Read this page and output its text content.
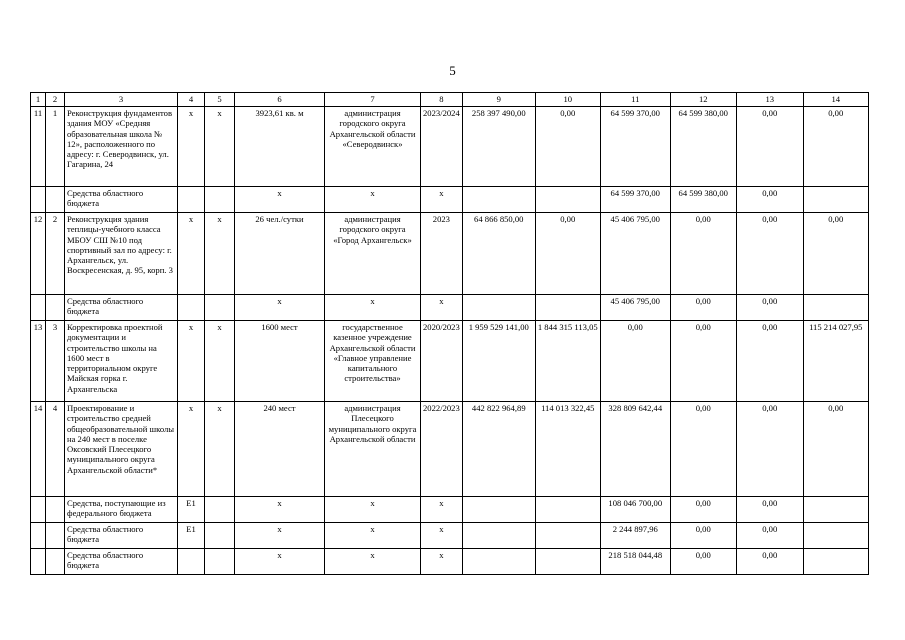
5
1	2	3	4	5	6	7	8	9	10	11	12	13	14
11	1	Реконструкция фундаментов здания МОУ «Средняя образовательная школа № 12», расположенного по адресу: г. Северодвинск, ул. Гагарина, 24	х	х	3923,61 кв. м	администрация городского округа Архангельской области «Северодвинск»	2023/2024	258 397 490,00	0,00	64 599 370,00	64 599 380,00	0,00	0,00
		Средства областного бюджета			х	х	х			64 599 370,00	64 599 380,00	0,00	
12	2	Реконструкция здания теплицы-учебного класса МБОУ СШ №10 под спортивный зал по адресу: г. Архангельск, ул. Воскресенская, д. 95, корп. 3	х	х	26 чел./сутки	администрация городского округа «Город Архангельск»	2023	64 866 850,00	0,00	45 406 795,00	0,00	0,00	0,00
		Средства областного бюджета			х	х	х			45 406 795,00	0,00	0,00	
13	3	Корректировка проектной документации и строительство школы на 1600 мест в территориальном округе Майская горка г. Архангельска	х	х	1600 мест	государственное казенное учреждение Архангельской области «Главное управление капитального строительства»	2020/2023	1 959 529 141,00	1 844 315 113,05	0,00	0,00	0,00	115 214 027,95
14	4	Проектирование и строительство средней общеобразовательной школы на 240 мест в поселке Оксовский Плесецкого муниципального округа Архангельской области*	х	х	240 мест	администрация Плесецкого муниципального округа Архангельской области	2022/2023	442 822 964,89	114 013 322,45	328 809 642,44	0,00	0,00	0,00
		Средства, поступающие из федерального бюджета	Е1		х	х	х			108 046 700,00	0,00	0,00	
		Средства областного бюджета	Е1		х	х	х			2 244 897,96	0,00	0,00	
		Средства областного бюджета			х	х	х			218 518 044,48	0,00	0,00	
